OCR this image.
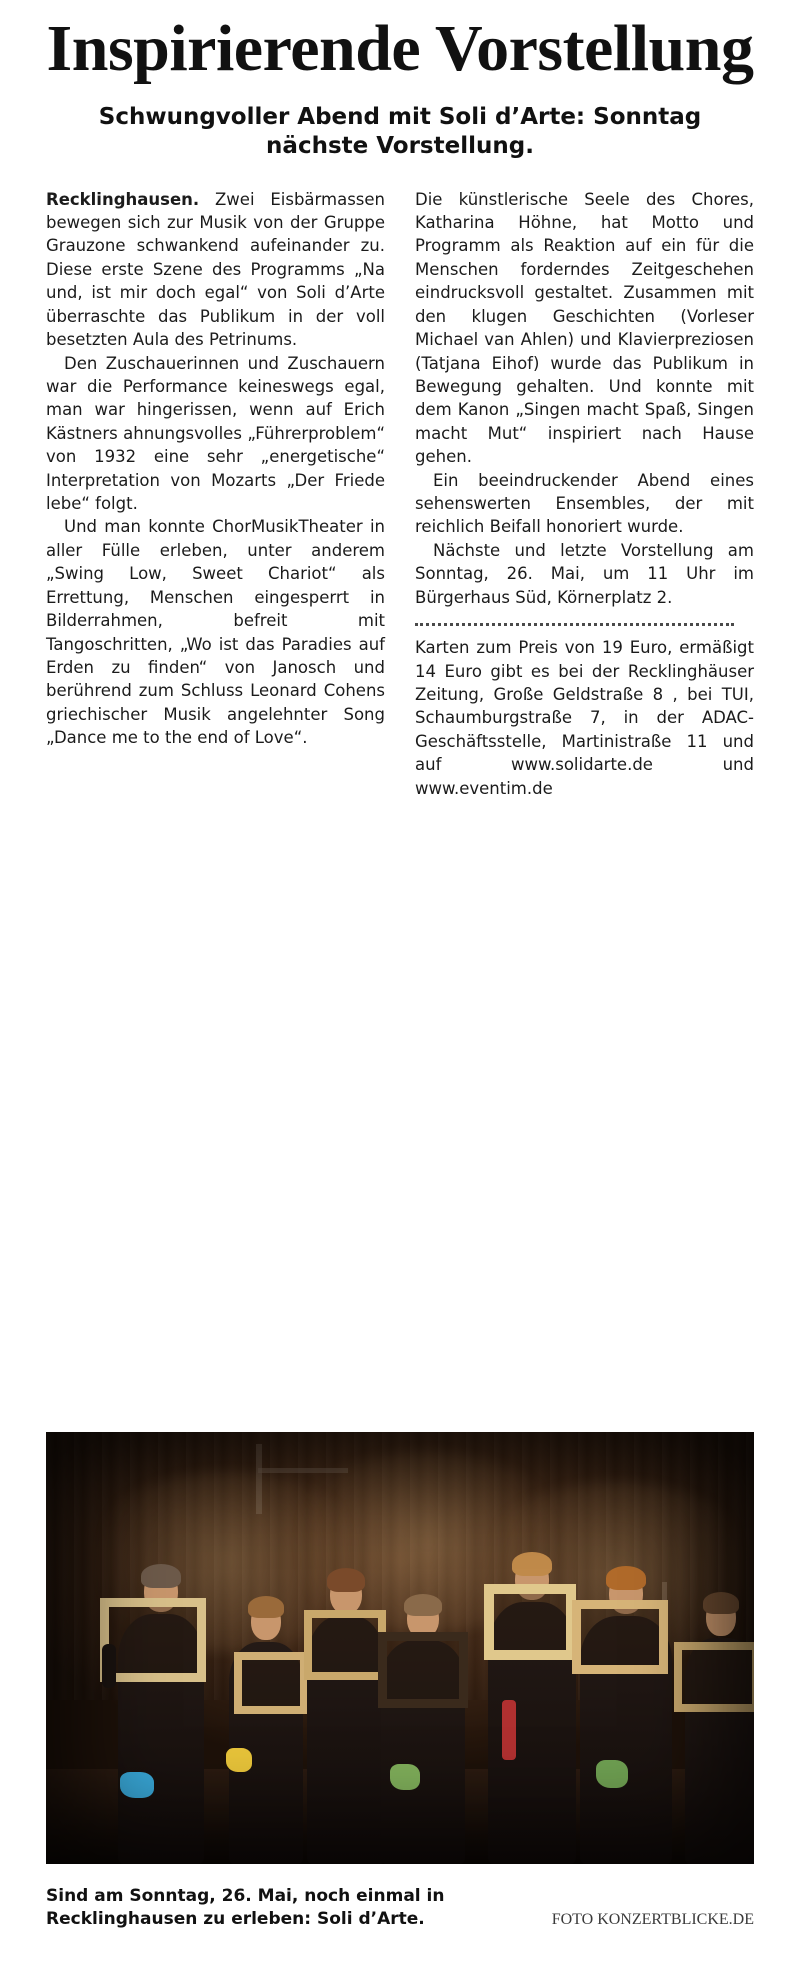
Inspirierende Vorstellung
Schwungvoller Abend mit Soli d’Arte: Sonntag nächste Vorstellung.

Recklinghausen. Zwei Eisbärmassen bewegen sich zur Musik von der Gruppe Grauzone schwankend aufeinander zu. Diese erste Szene des Programms „Na und, ist mir doch egal“ von Soli d’Arte überraschte das Publikum in der voll besetzten Aula des Petrinums.

Den Zuschauerinnen und Zuschauern war die Performance keineswegs egal, man war hingerissen, wenn auf Erich Kästners ahnungsvolles „Führerproblem“ von 1932 eine sehr „energetische“ Interpretation von Mozarts „Der Friede lebe“ folgt.

Und man konnte ChorMusikTheater in aller Fülle erleben, unter anderem „Swing Low, Sweet Chariot“ als Errettung, Menschen eingesperrt in Bilderrahmen, befreit mit Tangoschritten, „Wo ist das Paradies auf Erden zu finden“ von Janosch und berührend zum Schluss Leonard Cohens griechischer Musik angelehnter Song „Dance me to the end of Love“.

Die künstlerische Seele des Chores, Katharina Höhne, hat Motto und Programm als Reaktion auf ein für die Menschen forderndes Zeitgeschehen eindrucksvoll gestaltet. Zusammen mit den klugen Geschichten (Vorleser Michael van Ahlen) und Klavierpreziosen (Tatjana Eihof) wurde das Publikum in Bewegung gehalten. Und konnte mit dem Kanon „Singen macht Spaß, Singen macht Mut“ inspiriert nach Hause gehen.

Ein beeindruckender Abend eines sehenswerten Ensembles, der mit reichlich Beifall honoriert wurde.

Nächste und letzte Vorstellung am Sonntag, 26. Mai, um 11 Uhr im Bürgerhaus Süd, Körnerplatz 2.

Karten zum Preis von 19 Euro, ermäßigt 14 Euro gibt es bei der Recklinghäuser Zeitung, Große Geldstraße 8 , bei TUI, Schaumburgstraße 7, in der ADAC-Geschäftsstelle, Martinistraße 11 und auf www.solidarte.de und www.eventim.de

Sind am Sonntag, 26. Mai, noch einmal in Recklinghausen zu erleben: Soli d’Arte.	FOTO KONZERTBLICKE.DE
